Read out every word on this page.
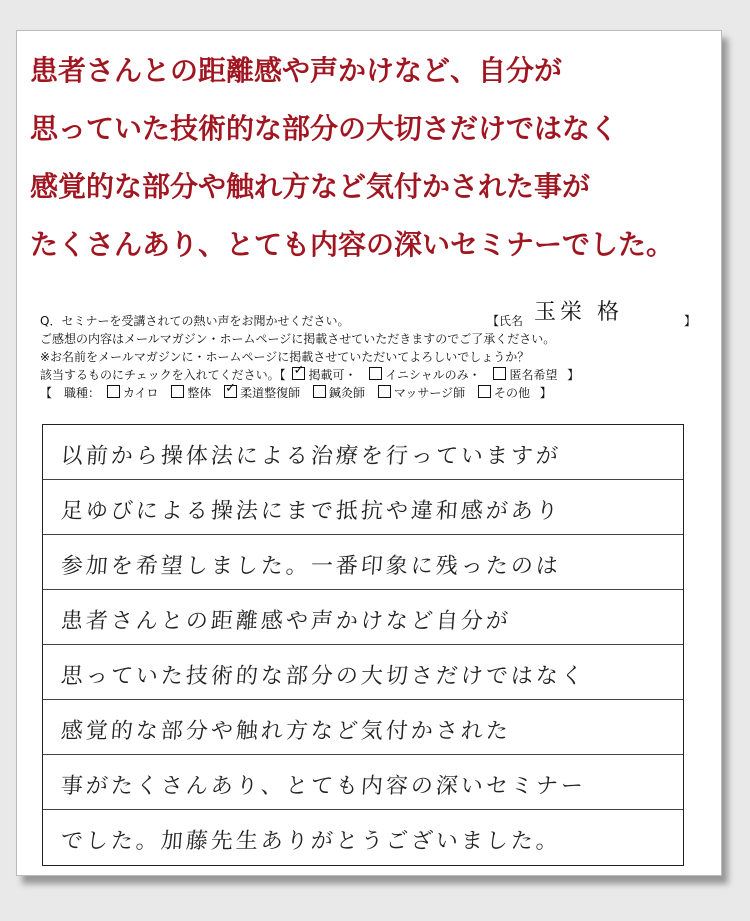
患者さんとの距離感や声かけなど、自分が
思っていた技術的な部分の大切さだけではなく
感覚的な部分や触れ方など気付かされた事が
たくさんあり、とても内容の深いセミナーでした。
Q．セミナーを受講されての熱い声をお聞かせください。	【氏名 玉栄 格	】
ご感想の内容はメールマガジン・ホームページに掲載させていただきますのでご了承ください。
※お名前をメールマガジンに・ホームページに掲載させていただいてよろしいでしょうか？
該当するものにチェックを入れてください。【 ✓ 掲載可・ イニシャルのみ・ 匿名希望 】
【　職種： カイロ 整体 ✓ 柔道整復師 鍼灸師 マッサージ師 その他 】
以前から操体法による治療を行っていますが
足ゆびによる操法にまで抵抗や違和感があり
参加を希望しました。一番印象に残ったのは
患者さんとの距離感や声かけなど自分が
思っていた技術的な部分の大切さだけではなく
感覚的な部分や触れ方など気付かされた
事がたくさんあり、とても内容の深いセミナー
でした。加藤先生ありがとうございました。
